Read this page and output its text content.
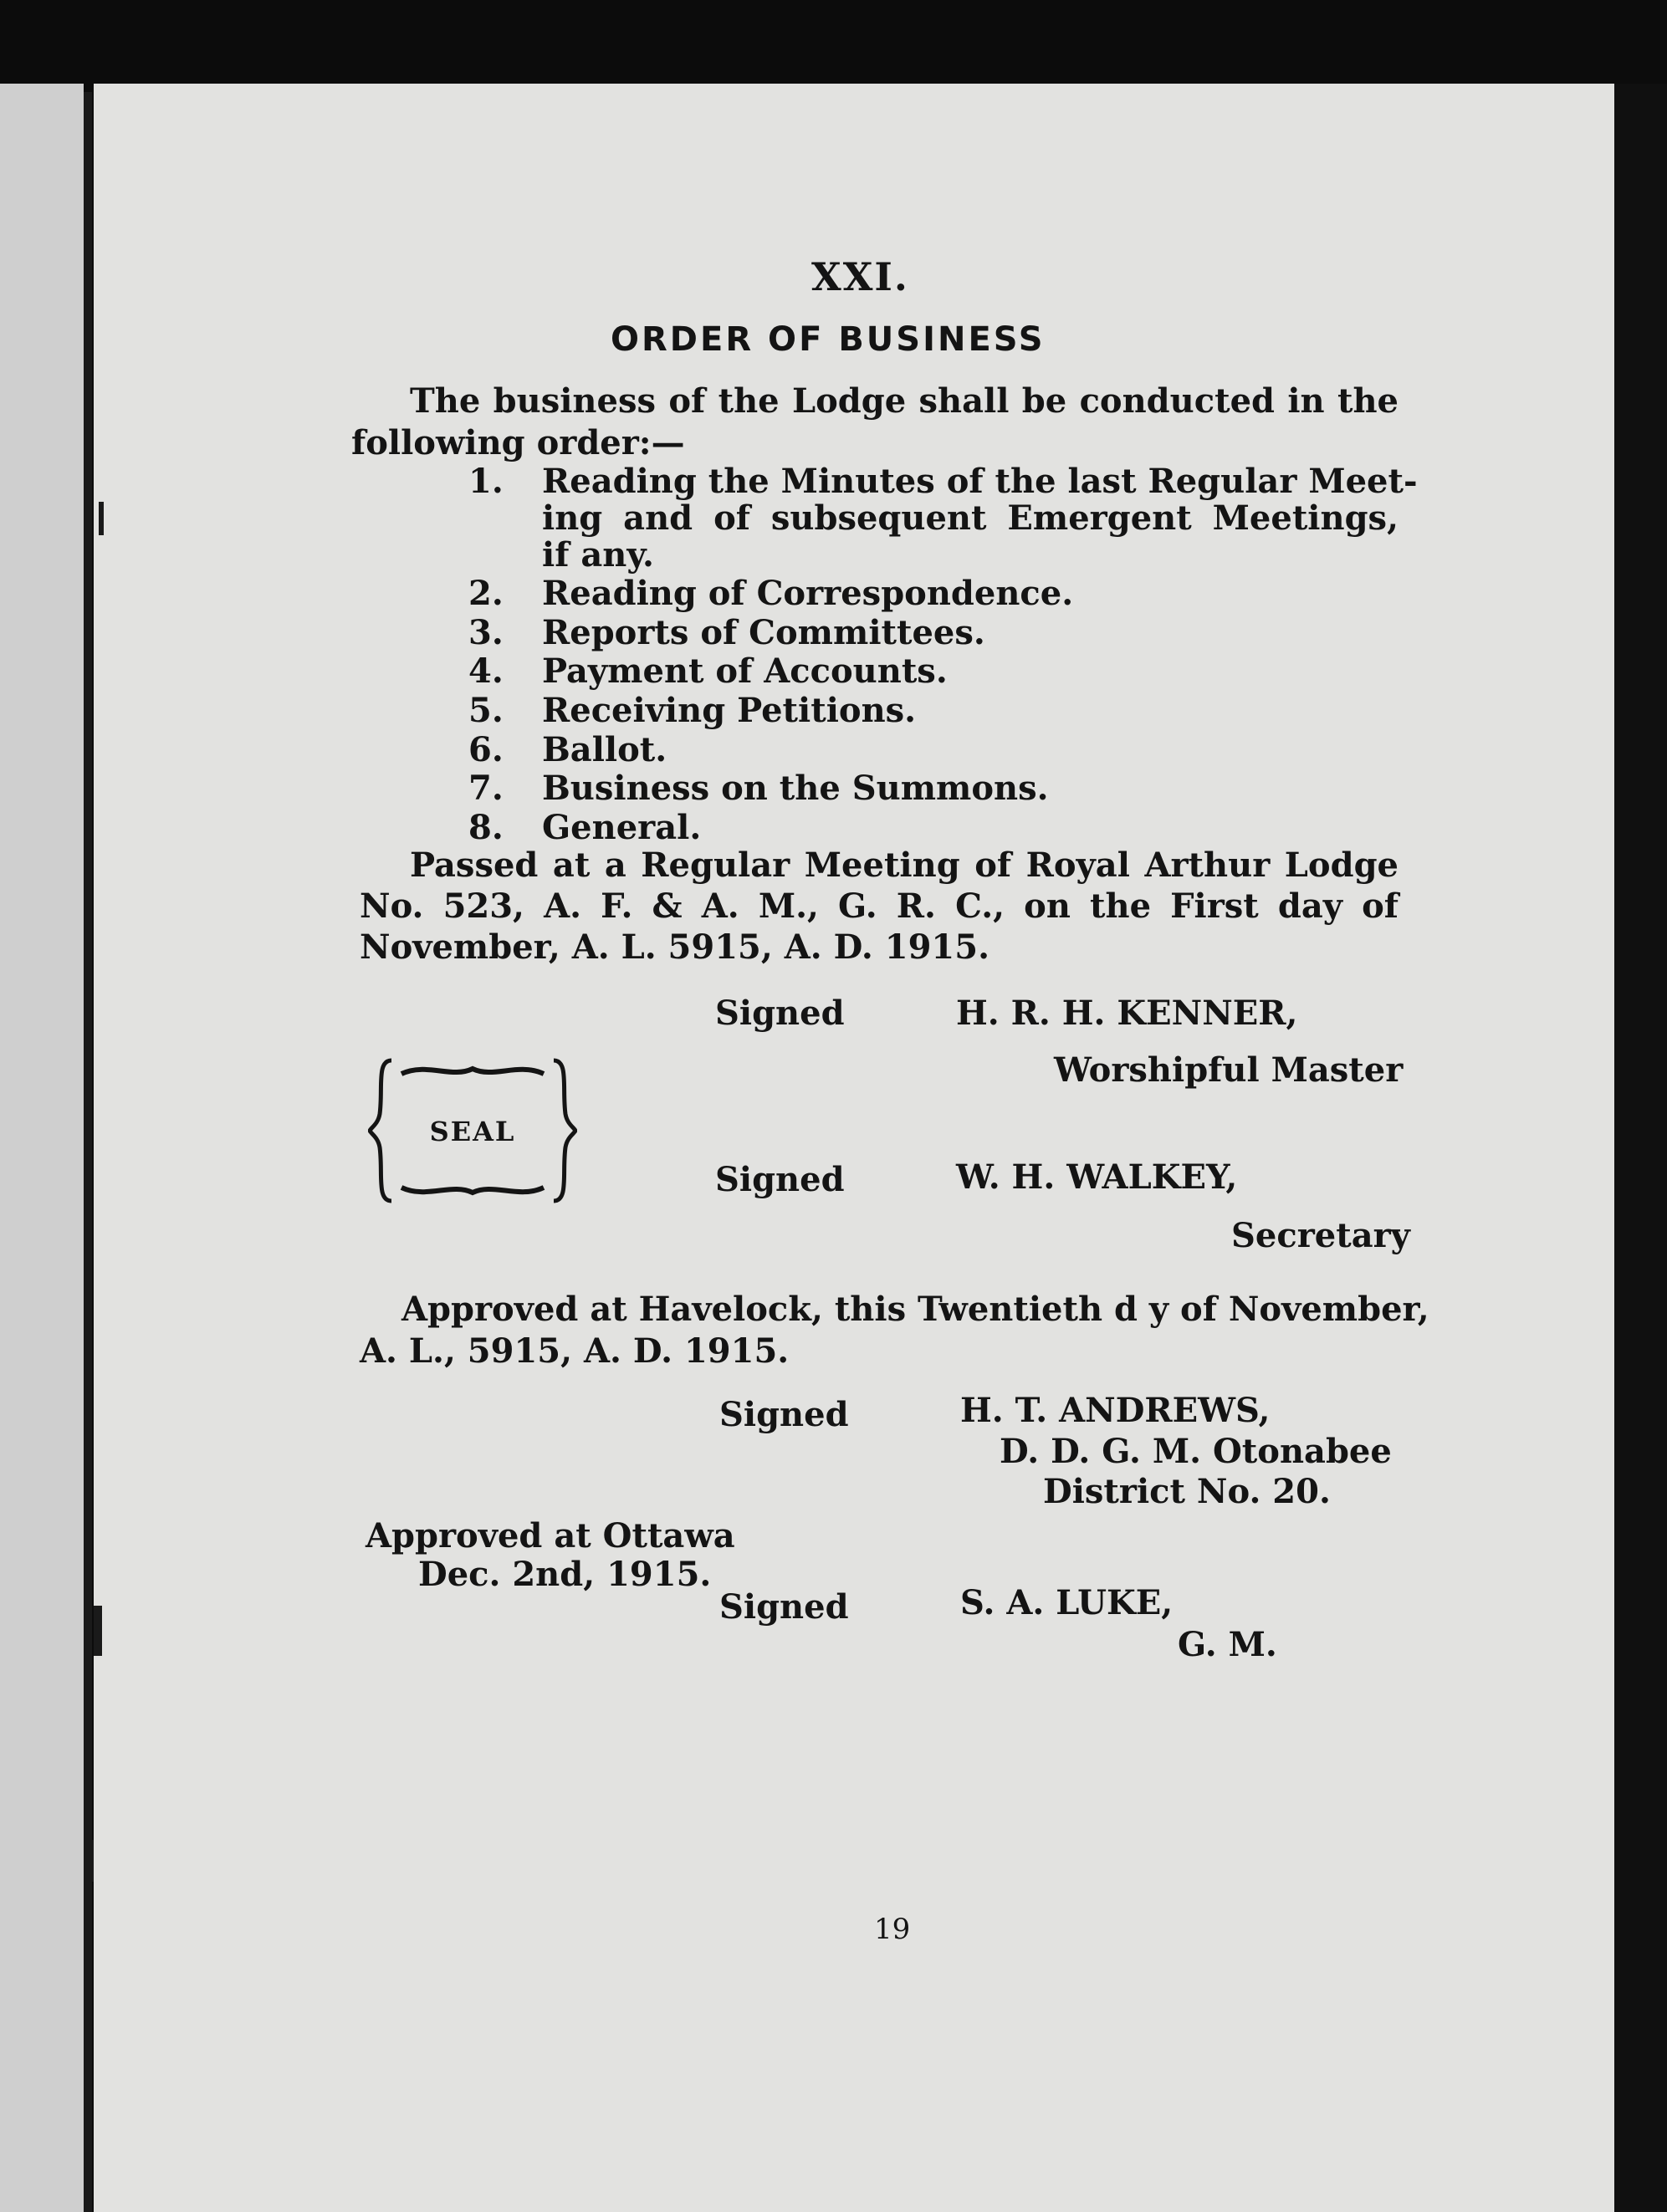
XXI.
ORDER OF BUSINESS
The business of the Lodge shall be conducted in the
following order:—
1. Reading the Minutes of the last Regular Meet-
ing and of subsequent Emergent Meetings,
if any.
2. Reading of Correspondence.
3. Reports of Committees.
4. Payment of Accounts.
5. Receiving Petitions.
6. Ballot.
7. Business on the Summons.
8. General.
Passed at a Regular Meeting of Royal Arthur Lodge
No. 523, A. F. & A. M., G. R. C., on the First day of
November, A. L. 5915, A. D. 1915.
Signed	H. R. H. KENNER,
Worshipful Master
SEAL
Signed	W. H. WALKEY,
Secretary
Approved at Havelock, this Twentieth d y of November,
A. L., 5915, A. D. 1915.
Signed	H. T. ANDREWS,
D. D. G. M. Otonabee
District No. 20.
Approved at Ottawa
Dec. 2nd, 1915.
Signed	S. A. LUKE,
G. M.
19
